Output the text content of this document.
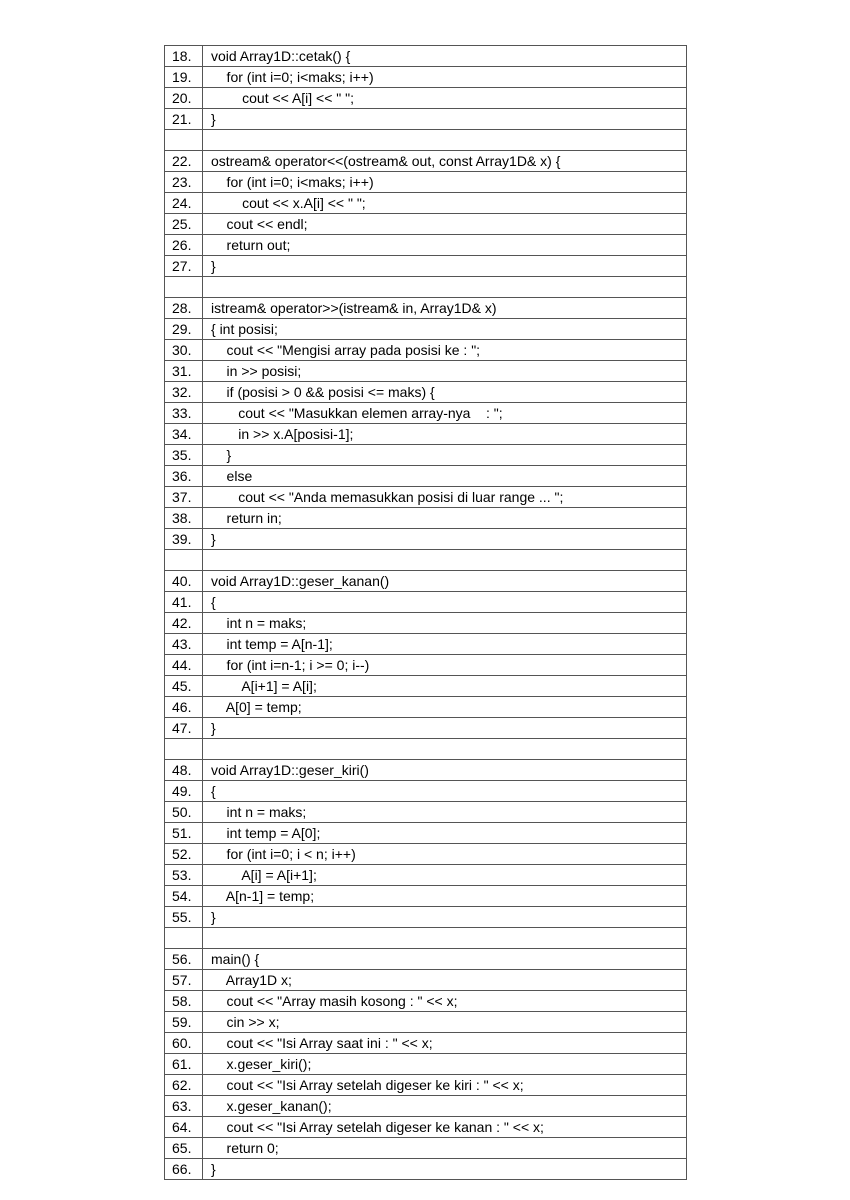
18.	void Array1D::cetak() {
19.	for (int i=0; i<maks; i++)
20.	cout << A[i] << " ";
21.	}

22.	ostream& operator<<(ostream& out, const Array1D& x) {
23.	for (int i=0; i<maks; i++)
24.	cout << x.A[i] << " ";
25.	cout << endl;
26.	return out;
27.	}

28.	istream& operator>>(istream& in, Array1D& x)
29.	{ int posisi;
30.	cout << "Mengisi array pada posisi ke : ";
31.	in >> posisi;
32.	if (posisi > 0 && posisi <= maks) {
33.	cout << "Masukkan elemen array-nya    : ";
34.	in >> x.A[posisi-1];
35.	}
36.	else
37.	cout << "Anda memasukkan posisi di luar range ... ";
38.	return in;
39.	}

40.	void Array1D::geser_kanan()
41.	{
42.	int n = maks;
43.	int temp = A[n-1];
44.	for (int i=n-1; i >= 0; i--)
45.	A[i+1] = A[i];
46.	A[0] = temp;
47.	}

48.	void Array1D::geser_kiri()
49.	{
50.	int n = maks;
51.	int temp = A[0];
52.	for (int i=0; i < n; i++)
53.	A[i] = A[i+1];
54.	A[n-1] = temp;
55.	}

56.	main() {
57.	Array1D x;
58.	cout << "Array masih kosong : " << x;
59.	cin >> x;
60.	cout << "Isi Array saat ini : " << x;
61.	x.geser_kiri();
62.	cout << "Isi Array setelah digeser ke kiri : " << x;
63.	x.geser_kanan();
64.	cout << "Isi Array setelah digeser ke kanan : " << x;
65.	return 0;
66.	}
